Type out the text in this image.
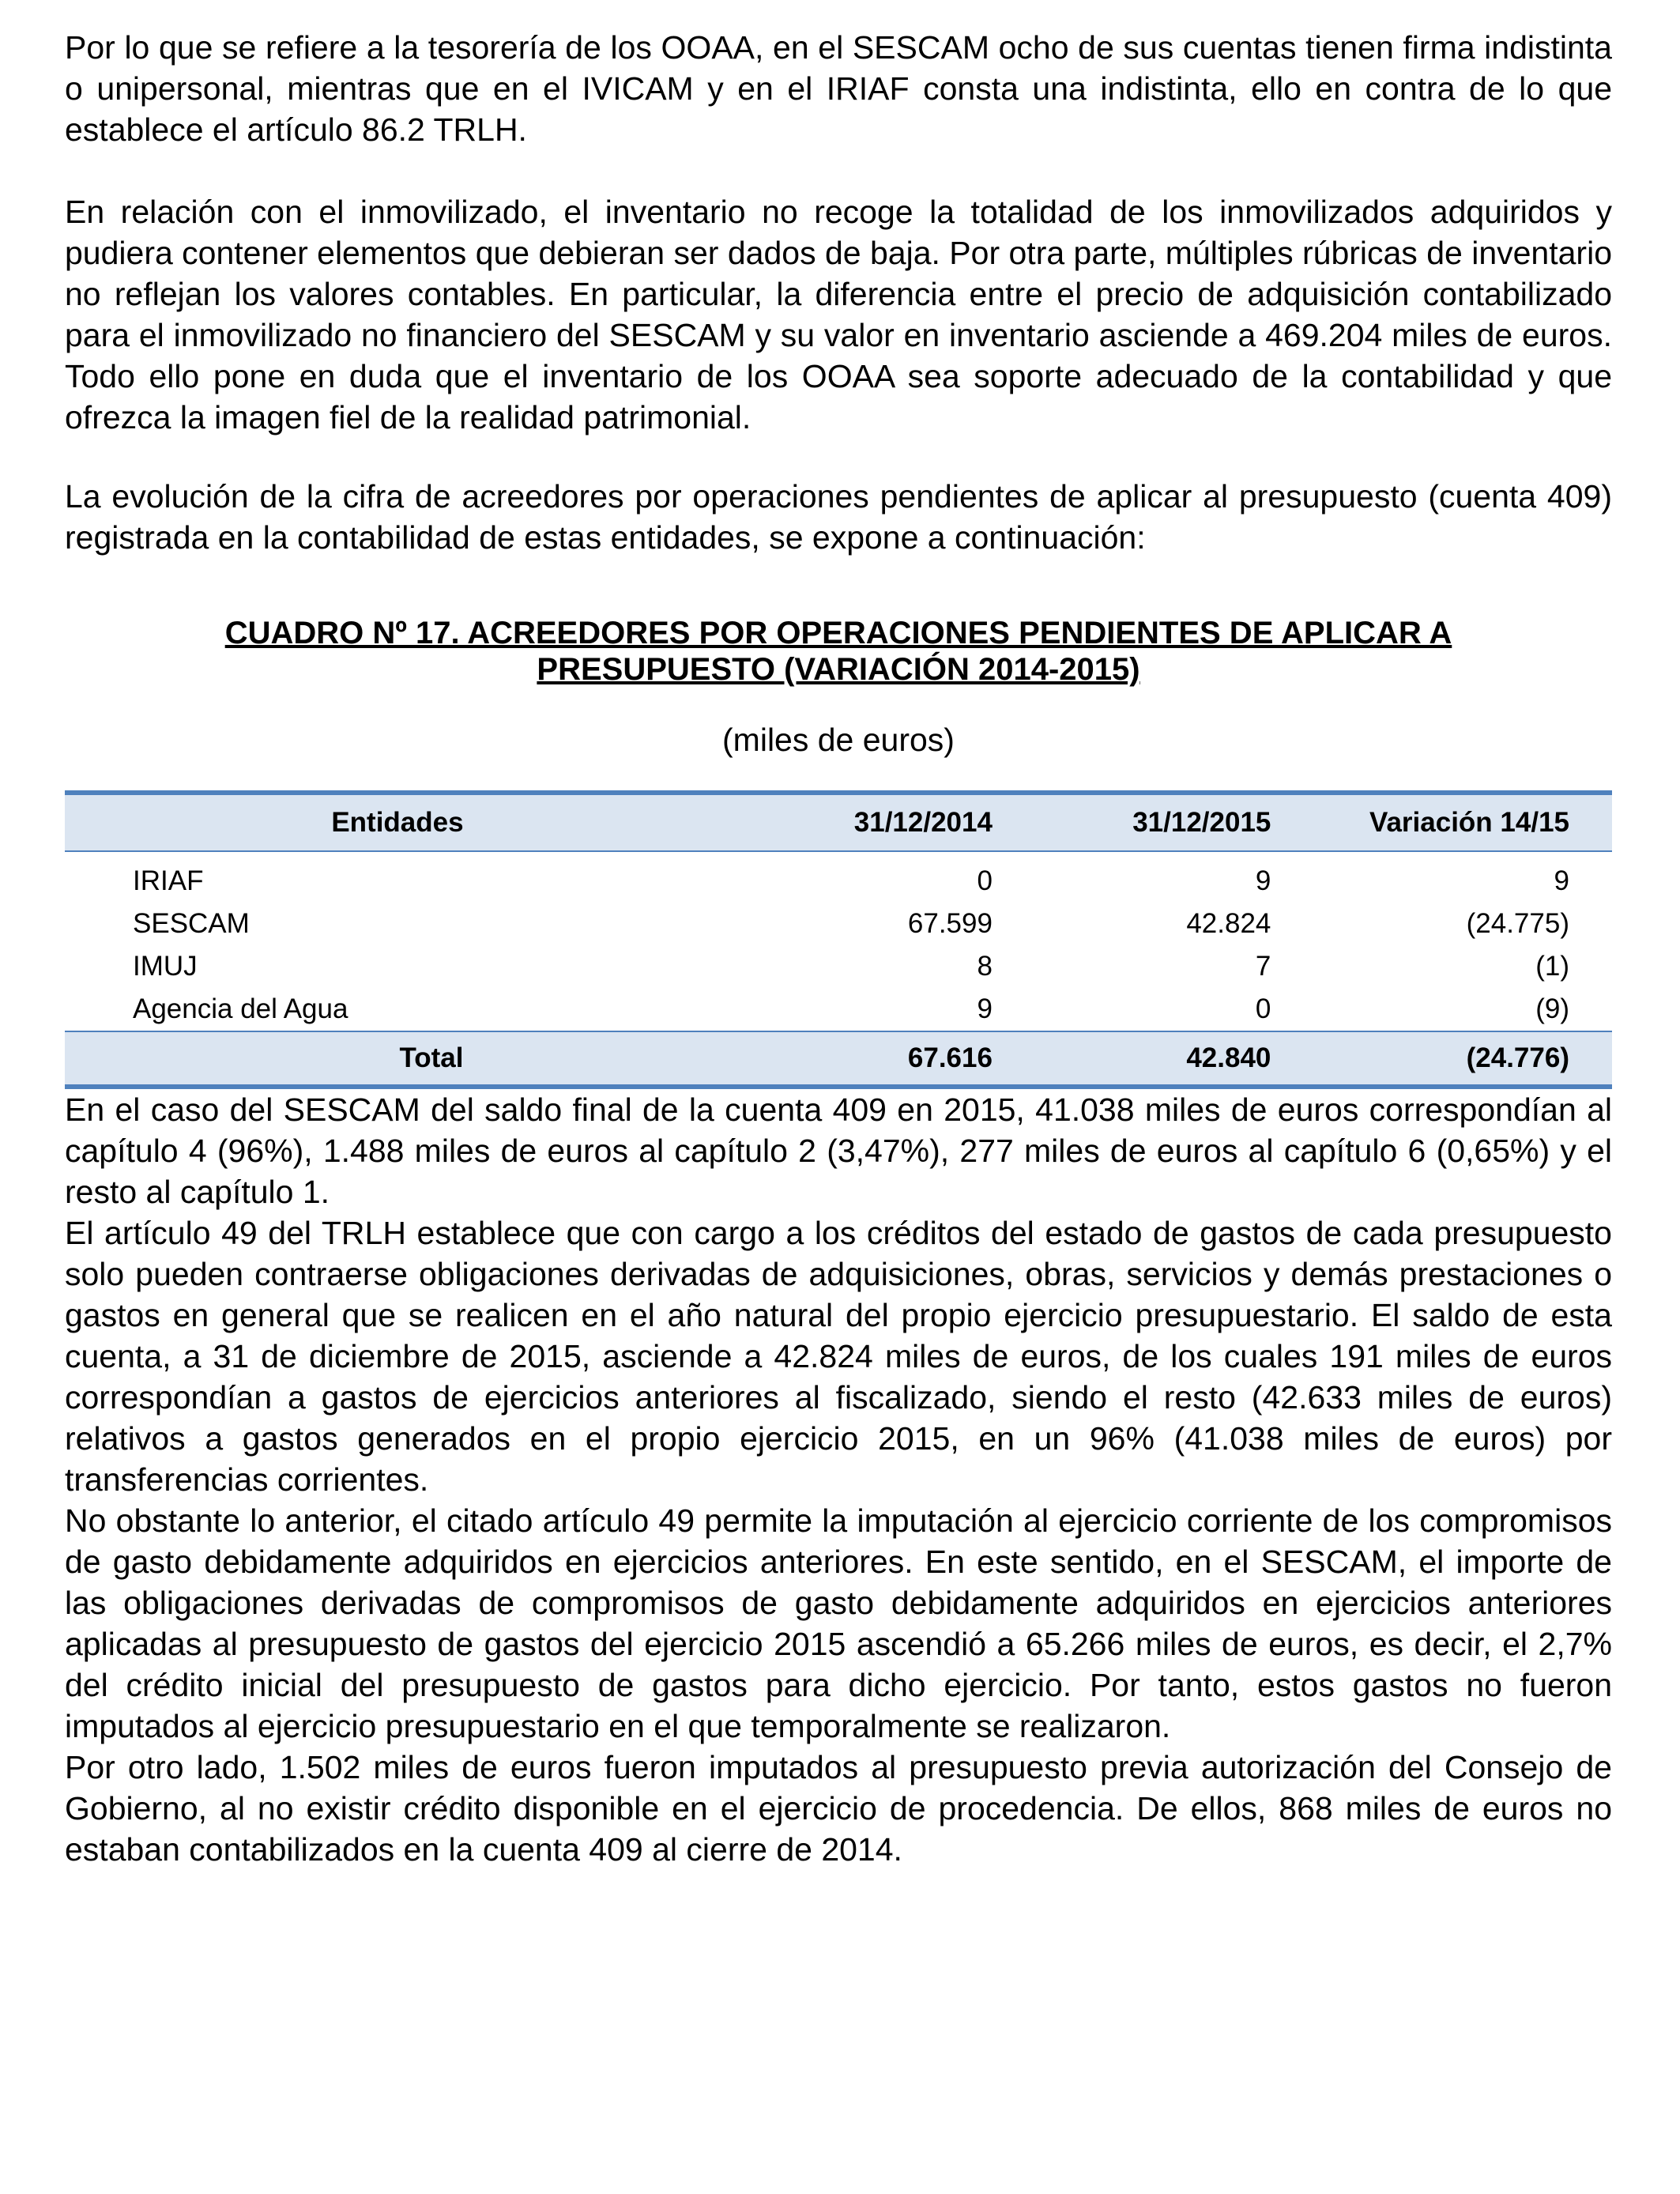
Por lo que se refiere a la tesorería de los OOAA, en el SESCAM ocho de sus cuentas tienen firma indistinta o unipersonal, mientras que en el IVICAM y en el IRIAF consta una indistinta, ello en contra de lo que establece el artículo 86.2 TRLH.

En relación con el inmovilizado, el inventario no recoge la totalidad de los inmovilizados adquiridos y pudiera contener elementos que debieran ser dados de baja. Por otra parte, múltiples rúbricas de inventario no reflejan los valores contables. En particular, la diferencia entre el precio de adquisición contabilizado para el inmovilizado no financiero del SESCAM y su valor en inventario asciende a 469.204 miles de euros. Todo ello pone en duda que el inventario de los OOAA sea soporte adecuado de la contabilidad y que ofrezca la imagen fiel de la realidad patrimonial.

La evolución de la cifra de acreedores por operaciones pendientes de aplicar al presupuesto (cuenta 409) registrada en la contabilidad de estas entidades, se expone a continuación:

CUADRO Nº 17. ACREEDORES POR OPERACIONES PENDIENTES DE APLICAR A
PRESUPUESTO (VARIACIÓN 2014-2015)
(miles de euros)
Entidades	31/12/2014	31/12/2015	Variación 14/15
IRIAF	0	9	9
SESCAM	67.599	42.824	(24.775)
IMUJ	8	7	(1)
Agencia del Agua	9	0	(9)
Total	67.616	42.840	(24.776)

En el caso del SESCAM del saldo final de la cuenta 409 en 2015, 41.038 miles de euros correspondían al capítulo 4 (96%), 1.488 miles de euros al capítulo 2 (3,47%), 277 miles de euros al capítulo 6 (0,65%) y el resto al capítulo 1.

El artículo 49 del TRLH establece que con cargo a los créditos del estado de gastos de cada presupuesto solo pueden contraerse obligaciones derivadas de adquisiciones, obras, servicios y demás prestaciones o gastos en general que se realicen en el año natural del propio ejercicio presupuestario. El saldo de esta cuenta, a 31 de diciembre de 2015, asciende a 42.824 miles de euros, de los cuales 191 miles de euros correspondían a gastos de ejercicios anteriores al fiscalizado, siendo el resto (42.633 miles de euros) relativos a gastos generados en el propio ejercicio 2015, en un 96% (41.038 miles de euros) por transferencias corrientes.

No obstante lo anterior, el citado artículo 49 permite la imputación al ejercicio corriente de los compromisos de gasto debidamente adquiridos en ejercicios anteriores. En este sentido, en el SESCAM, el importe de las obligaciones derivadas de compromisos de gasto debidamente adquiridos en ejercicios anteriores aplicadas al presupuesto de gastos del ejercicio 2015 ascendió a 65.266 miles de euros, es decir, el 2,7% del crédito inicial del presupuesto de gastos para dicho ejercicio. Por tanto, estos gastos no fueron imputados al ejercicio presupuestario en el que temporalmente se realizaron.

Por otro lado, 1.502 miles de euros fueron imputados al presupuesto previa autorización del Consejo de Gobierno, al no existir crédito disponible en el ejercicio de procedencia. De ellos, 868 miles de euros no estaban contabilizados en la cuenta 409 al cierre de 2014.
